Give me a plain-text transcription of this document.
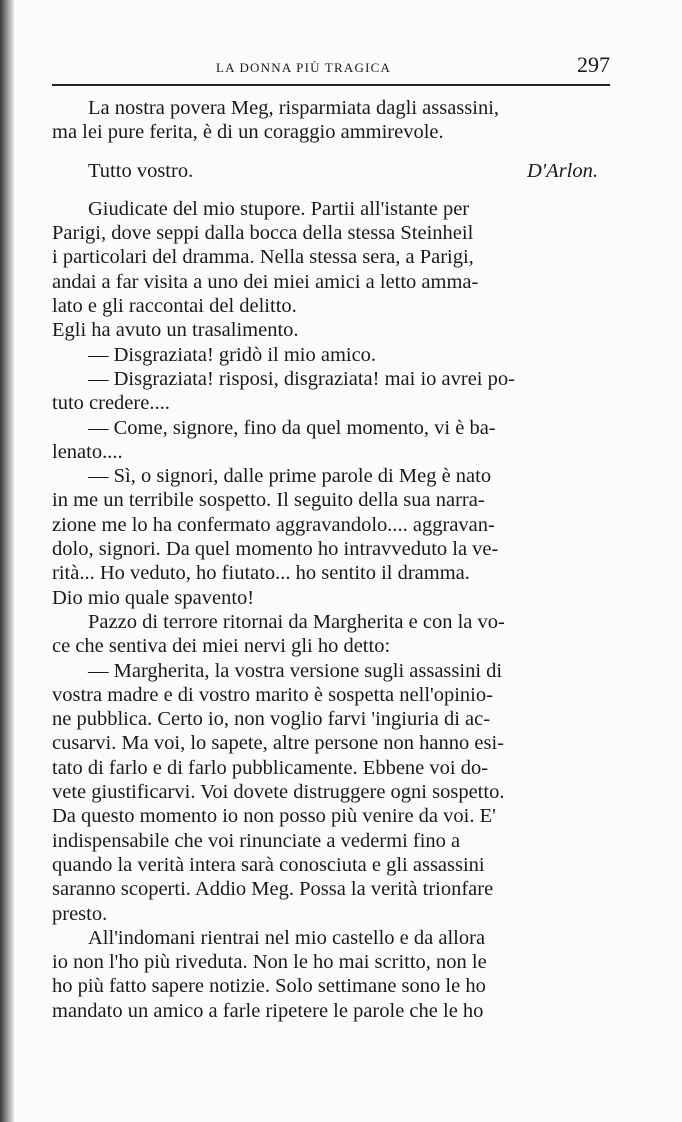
LA DONNA PIÙ TRAGICA	297
La nostra povera Meg, risparmiata dagli assassini,
ma lei pure ferita, è di un coraggio ammirevole.
Tutto vostro.	D'Arlon.
Giudicate del mio stupore. Partii all'istante per
Parigi, dove seppi dalla bocca della stessa Steinheil
i particolari del dramma. Nella stessa sera, a Parigi,
andai a far visita a uno dei miei amici a letto amma-
lato e gli raccontai del delitto.
Egli ha avuto un trasalimento.
— Disgraziata! gridò il mio amico.
— Disgraziata! risposi, disgraziata! mai io avrei po-
tuto credere....
— Come, signore, fino da quel momento, vi è ba-
lenato....
— Sì, o signori, dalle prime parole di Meg è nato
in me un terribile sospetto. Il seguito della sua narra-
zione me lo ha confermato aggravandolo.... aggravan-
dolo, signori. Da quel momento ho intravveduto la ve-
rità... Ho veduto, ho fiutato... ho sentito il dramma.
Dio mio quale spavento!
Pazzo di terrore ritornai da Margherita e con la vo-
ce che sentiva dei miei nervi gli ho detto:
— Margherita, la vostra versione sugli assassini di
vostra madre e di vostro marito è sospetta nell'opinio-
ne pubblica. Certo io, non voglio farvi 'ingiuria di ac-
cusarvi. Ma voi, lo sapete, altre persone non hanno esi-
tato di farlo e di farlo pubblicamente. Ebbene voi do-
vete giustificarvi. Voi dovete distruggere ogni sospetto.
Da questo momento io non posso più venire da voi. E'
indispensabile che voi rinunciate a vedermi fino a
quando la verità intera sarà conosciuta e gli assassini
saranno scoperti. Addio Meg. Possa la verità trionfare
presto.
All'indomani rientrai nel mio castello e da allora
io non l'ho più riveduta. Non le ho mai scritto, non le
ho più fatto sapere notizie. Solo settimane sono le ho
mandato un amico a farle ripetere le parole che le ho
